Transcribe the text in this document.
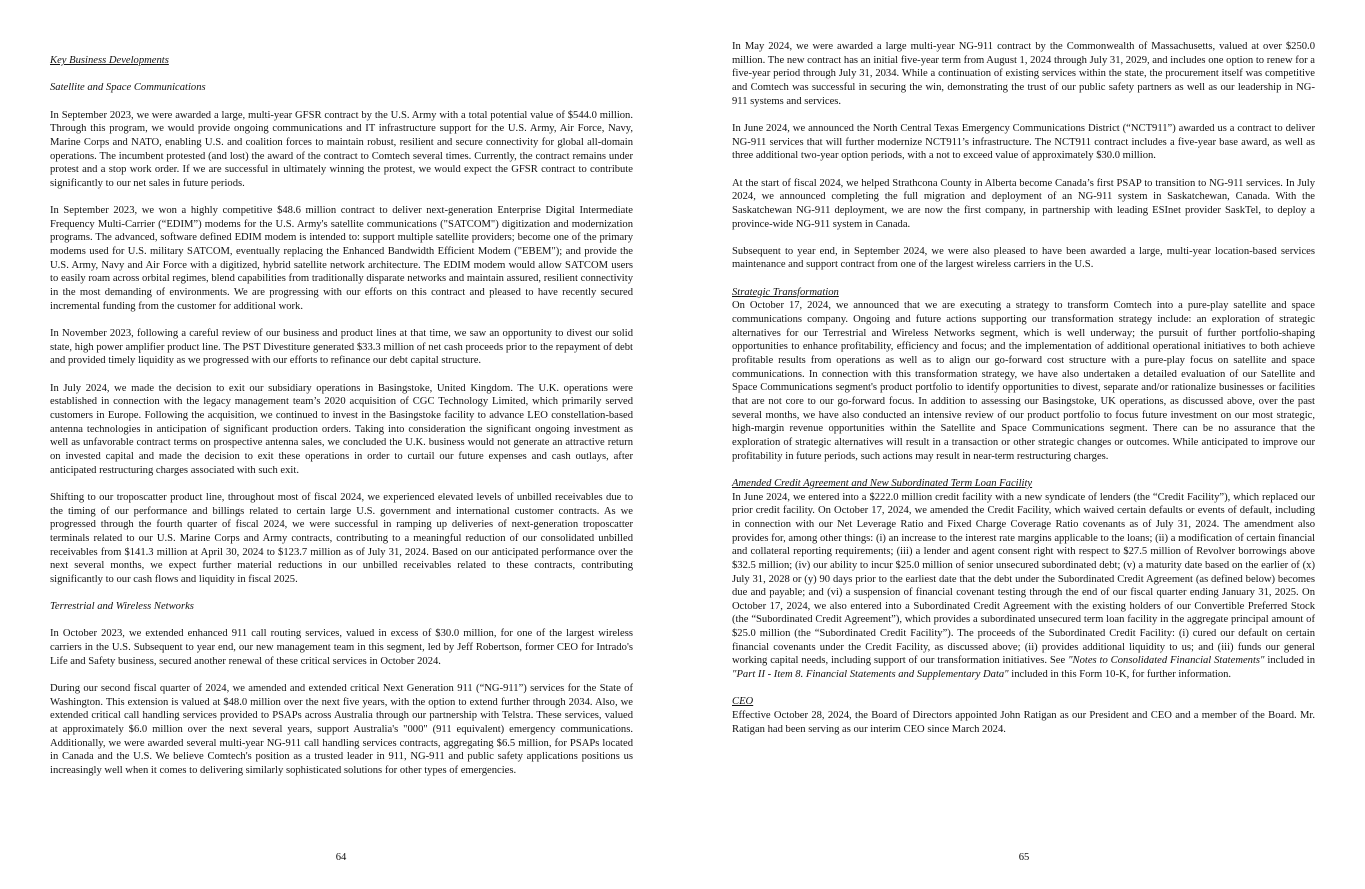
Key Business Developments

Satellite and Space Communications

In September 2023, we were awarded a large, multi-year GFSR contract by the U.S. Army with a total potential value of $544.0 million. Through this program, we would provide ongoing communications and IT infrastructure support for the U.S. Army, Air Force, Navy, Marine Corps and NATO, enabling U.S. and coalition forces to maintain robust, resilient and secure connectivity for global all-domain operations. The incumbent protested (and lost) the award of the contract to Comtech several times. Currently, the contract remains under protest and a stop work order. If we are successful in ultimately winning the protest, we would expect the GFSR contract to contribute significantly to our net sales in future periods.

In September 2023, we won a highly competitive $48.6 million contract to deliver next-generation Enterprise Digital Intermediate Frequency Multi-Carrier (“EDIM”) modems for the U.S. Army's satellite communications ("SATCOM") digitization and modernization programs. The advanced, software defined EDIM modem is intended to: support multiple satellite providers; become one of the primary modems used for U.S. military SATCOM, eventually replacing the Enhanced Bandwidth Efficient Modem ("EBEM"); and provide the U.S. Army, Navy and Air Force with a digitized, hybrid satellite network architecture. The EDIM modem would allow SATCOM users to easily roam across orbital regimes, blend capabilities from traditionally disparate networks and maintain assured, resilient connectivity in the most demanding of environments. We are progressing with our efforts on this contract and pleased to have recently secured incremental funding from the customer for additional work.

In November 2023, following a careful review of our business and product lines at that time, we saw an opportunity to divest our solid state, high power amplifier product line. The PST Divestiture generated $33.3 million of net cash proceeds prior to the repayment of debt and provided timely liquidity as we progressed with our efforts to refinance our debt capital structure.

In July 2024, we made the decision to exit our subsidiary operations in Basingstoke, United Kingdom. The U.K. operations were established in connection with the legacy management team’s 2020 acquisition of CGC Technology Limited, which primarily served customers in Europe. Following the acquisition, we continued to invest in the Basingstoke facility to advance LEO constellation-based antenna technologies in anticipation of significant production orders. Taking into consideration the significant ongoing investment as well as unfavorable contract terms on prospective antenna sales, we concluded the U.K. business would not generate an attractive return on invested capital and made the decision to exit these operations in order to curtail our future expenses and cash outlays, after anticipated restructuring charges associated with such exit.

Shifting to our troposcatter product line, throughout most of fiscal 2024, we experienced elevated levels of unbilled receivables due to the timing of our performance and billings related to certain large U.S. government and international customer contracts. As we progressed through the fourth quarter of fiscal 2024, we were successful in ramping up deliveries of next-generation troposcatter terminals related to our U.S. Marine Corps and Army contracts, contributing to a meaningful reduction of our consolidated unbilled receivables from $141.3 million at April 30, 2024 to $123.7 million as of July 31, 2024. Based on our anticipated performance over the next several months, we expect further material reductions in our unbilled receivables related to these contracts, contributing significantly to our cash flows and liquidity in fiscal 2025.

Terrestrial and Wireless Networks

In October 2023, we extended enhanced 911 call routing services, valued in excess of $30.0 million, for one of the largest wireless carriers in the U.S. Subsequent to year end, our new management team in this segment, led by Jeff Robertson, former CEO for Intrado's Life and Safety business, secured another renewal of these critical services in October 2024.

During our second fiscal quarter of 2024, we amended and extended critical Next Generation 911 (“NG-911”) services for the State of Washington. This extension is valued at $48.0 million over the next five years, with the option to extend further through 2034. Also, we extended critical call handling services provided to PSAPs across Australia through our partnership with Telstra. These services, valued at approximately $6.0 million over the next several years, support Australia's "000" (911 equivalent) emergency communications. Additionally, we were awarded several multi-year NG-911 call handling services contracts, aggregating $6.5 million, for PSAPs located in Canada and the U.S. We believe Comtech's position as a trusted leader in 911, NG-911 and public safety applications positions us increasingly well when it comes to delivering similarly sophisticated solutions for other types of emergencies.

64

In May 2024, we were awarded a large multi-year NG-911 contract by the Commonwealth of Massachusetts, valued at over $250.0 million. The new contract has an initial five-year term from August 1, 2024 through July 31, 2029, and includes one option to renew for a five-year period through July 31, 2034. While a continuation of existing services within the state, the procurement itself was competitive and Comtech was successful in securing the win, demonstrating the trust of our public safety partners as well as our leadership in NG-911 systems and services.

In June 2024, we announced the North Central Texas Emergency Communications District (“NCT911”) awarded us a contract to deliver NG-911 services that will further modernize NCT911’s infrastructure. The NCT911 contract includes a five-year base award, as well as three additional two-year option periods, with a not to exceed value of approximately $30.0 million.

At the start of fiscal 2024, we helped Strathcona County in Alberta become Canada’s first PSAP to transition to NG-911 services. In July 2024, we announced completing the full migration and deployment of an NG-911 system in Saskatchewan, Canada. With the Saskatchewan NG-911 deployment, we are now the first company, in partnership with leading ESInet provider SaskTel, to deploy a province-wide NG-911 system in Canada.

Subsequent to year end, in September 2024, we were also pleased to have been awarded a large, multi-year location-based services maintenance and support contract from one of the largest wireless carriers in the U.S.

Strategic Transformation

On October 17, 2024, we announced that we are executing a strategy to transform Comtech into a pure-play satellite and space communications company. Ongoing and future actions supporting our transformation strategy include: an exploration of strategic alternatives for our Terrestrial and Wireless Networks segment, which is well underway; the pursuit of further portfolio-shaping opportunities to enhance profitability, efficiency and focus; and the implementation of additional operational initiatives to both achieve profitable results from operations as well as to align our go-forward cost structure with a pure-play focus on satellite and space communications. In connection with this transformation strategy, we have also undertaken a detailed evaluation of our Satellite and Space Communications segment's product portfolio to identify opportunities to divest, separate and/or rationalize businesses or facilities that are not core to our go-forward focus. In addition to assessing our Basingstoke, UK operations, as discussed above, over the past several months, we have also conducted an intensive review of our product portfolio to focus future investment on our most strategic, high-margin revenue opportunities within the Satellite and Space Communications segment. There can be no assurance that the exploration of strategic alternatives will result in a transaction or other strategic changes or outcomes. While anticipated to improve our profitability in future periods, such actions may result in near-term restructuring charges.

Amended Credit Agreement and New Subordinated Term Loan Facility

In June 2024, we entered into a $222.0 million credit facility with a new syndicate of lenders (the “Credit Facility”), which replaced our prior credit facility. On October 17, 2024, we amended the Credit Facility, which waived certain defaults or events of default, including in connection with our Net Leverage Ratio and Fixed Charge Coverage Ratio covenants as of July 31, 2024. The amendment also provides for, among other things: (i) an increase to the interest rate margins applicable to the loans; (ii) a modification of certain financial and collateral reporting requirements; (iii) a lender and agent consent right with respect to $27.5 million of Revolver borrowings above $32.5 million; (iv) our ability to incur $25.0 million of senior unsecured subordinated debt; (v) a maturity date based on the earlier of (x) July 31, 2028 or (y) 90 days prior to the earliest date that the debt under the Subordinated Credit Agreement (as defined below) becomes due and payable; and (vi) a suspension of financial covenant testing through the end of our fiscal quarter ending January 31, 2025. On October 17, 2024, we also entered into a Subordinated Credit Agreement with the existing holders of our Convertible Preferred Stock (the “Subordinated Credit Agreement”), which provides a subordinated unsecured term loan facility in the aggregate principal amount of $25.0 million (the “Subordinated Credit Facility”). The proceeds of the Subordinated Credit Facility: (i) cured our default on certain financial covenants under the Credit Facility, as discussed above; (ii) provides additional liquidity to us; and (iii) funds our general working capital needs, including support of our transformation initiatives. See "Notes to Consolidated Financial Statements" included in "Part II - Item 8. Financial Statements and Supplementary Data" included in this Form 10-K, for further information.

CEO

Effective October 28, 2024, the Board of Directors appointed John Ratigan as our President and CEO and a member of the Board. Mr. Ratigan had been serving as our interim CEO since March 2024.

65
